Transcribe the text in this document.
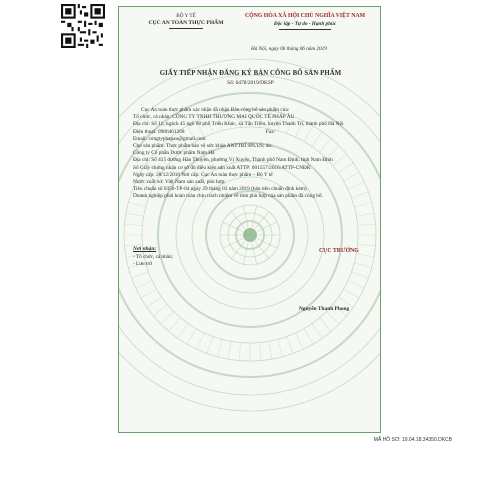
BỘ Y TẾ
CỤC AN TOÀN THỰC PHẨM
CỘNG HÒA XÃ HỘI CHỦ NGHĨA VIỆT NAM
Độc lập - Tự do - Hạnh phúc
Hà Nội, ngày 06 tháng 06 năm 2019
GIẤY TIẾP NHẬN ĐĂNG KÝ BẢN CÔNG BỐ SẢN PHẨM
Số: 6478/2019/DKSP
Cục An toàn thực phẩm xác nhận đã nhận Bản công bố sản phẩm của:
Tổ chức, cá nhân: CÔNG TY TNHH THƯƠNG MẠI QUỐC TẾ PHÁP ÂU
Địa chỉ: Số 11, ngách 45 ngõ 68 phố Triều Khúc, xã Tân Triều, huyện Thanh Trì, thành phố Hà Nội
Điện thoại: 0986461268	Fax:
Email: congtyphapau@gmail.com
Cho sản phẩm: Thực phẩm bảo vệ sức khỏe ANTTRĨ 9PLUS; do:
Công ty Cổ phần Dược phẩm Nam Hà
Địa chỉ: Số 415 đường Hàn Thuyên, phường Vị Xuyên, Thành phố Nam Định, tỉnh Nam Định
Số Giấy chứng nhận cơ sở đủ điều kiện sản xuất ATTP: 001557/2016/ATTP-CNĐK
Ngày cấp: 28/12/2016 Nơi cấp: Cục An toàn thực phẩm – Bộ Y tế
Nước xuất xứ: Việt Nam sản xuất, phù hợp:
Tiêu chuẩn số 0350-TP-04 ngày 29 tháng 03 năm 2019 (bản tiêu chuẩn đính kèm)
Doanh nghiệp phải hoàn toàn chịu trách nhiệm về tính phù hợp của sản phẩm đã công bố.
Nơi nhận:
- Tổ chức, cá nhân;
- Lưu trữ
CỤC TRƯỞNG
Nguyễn Thanh Phong
MÃ HỒ SƠ: 19.04.18.34350.DKCB
